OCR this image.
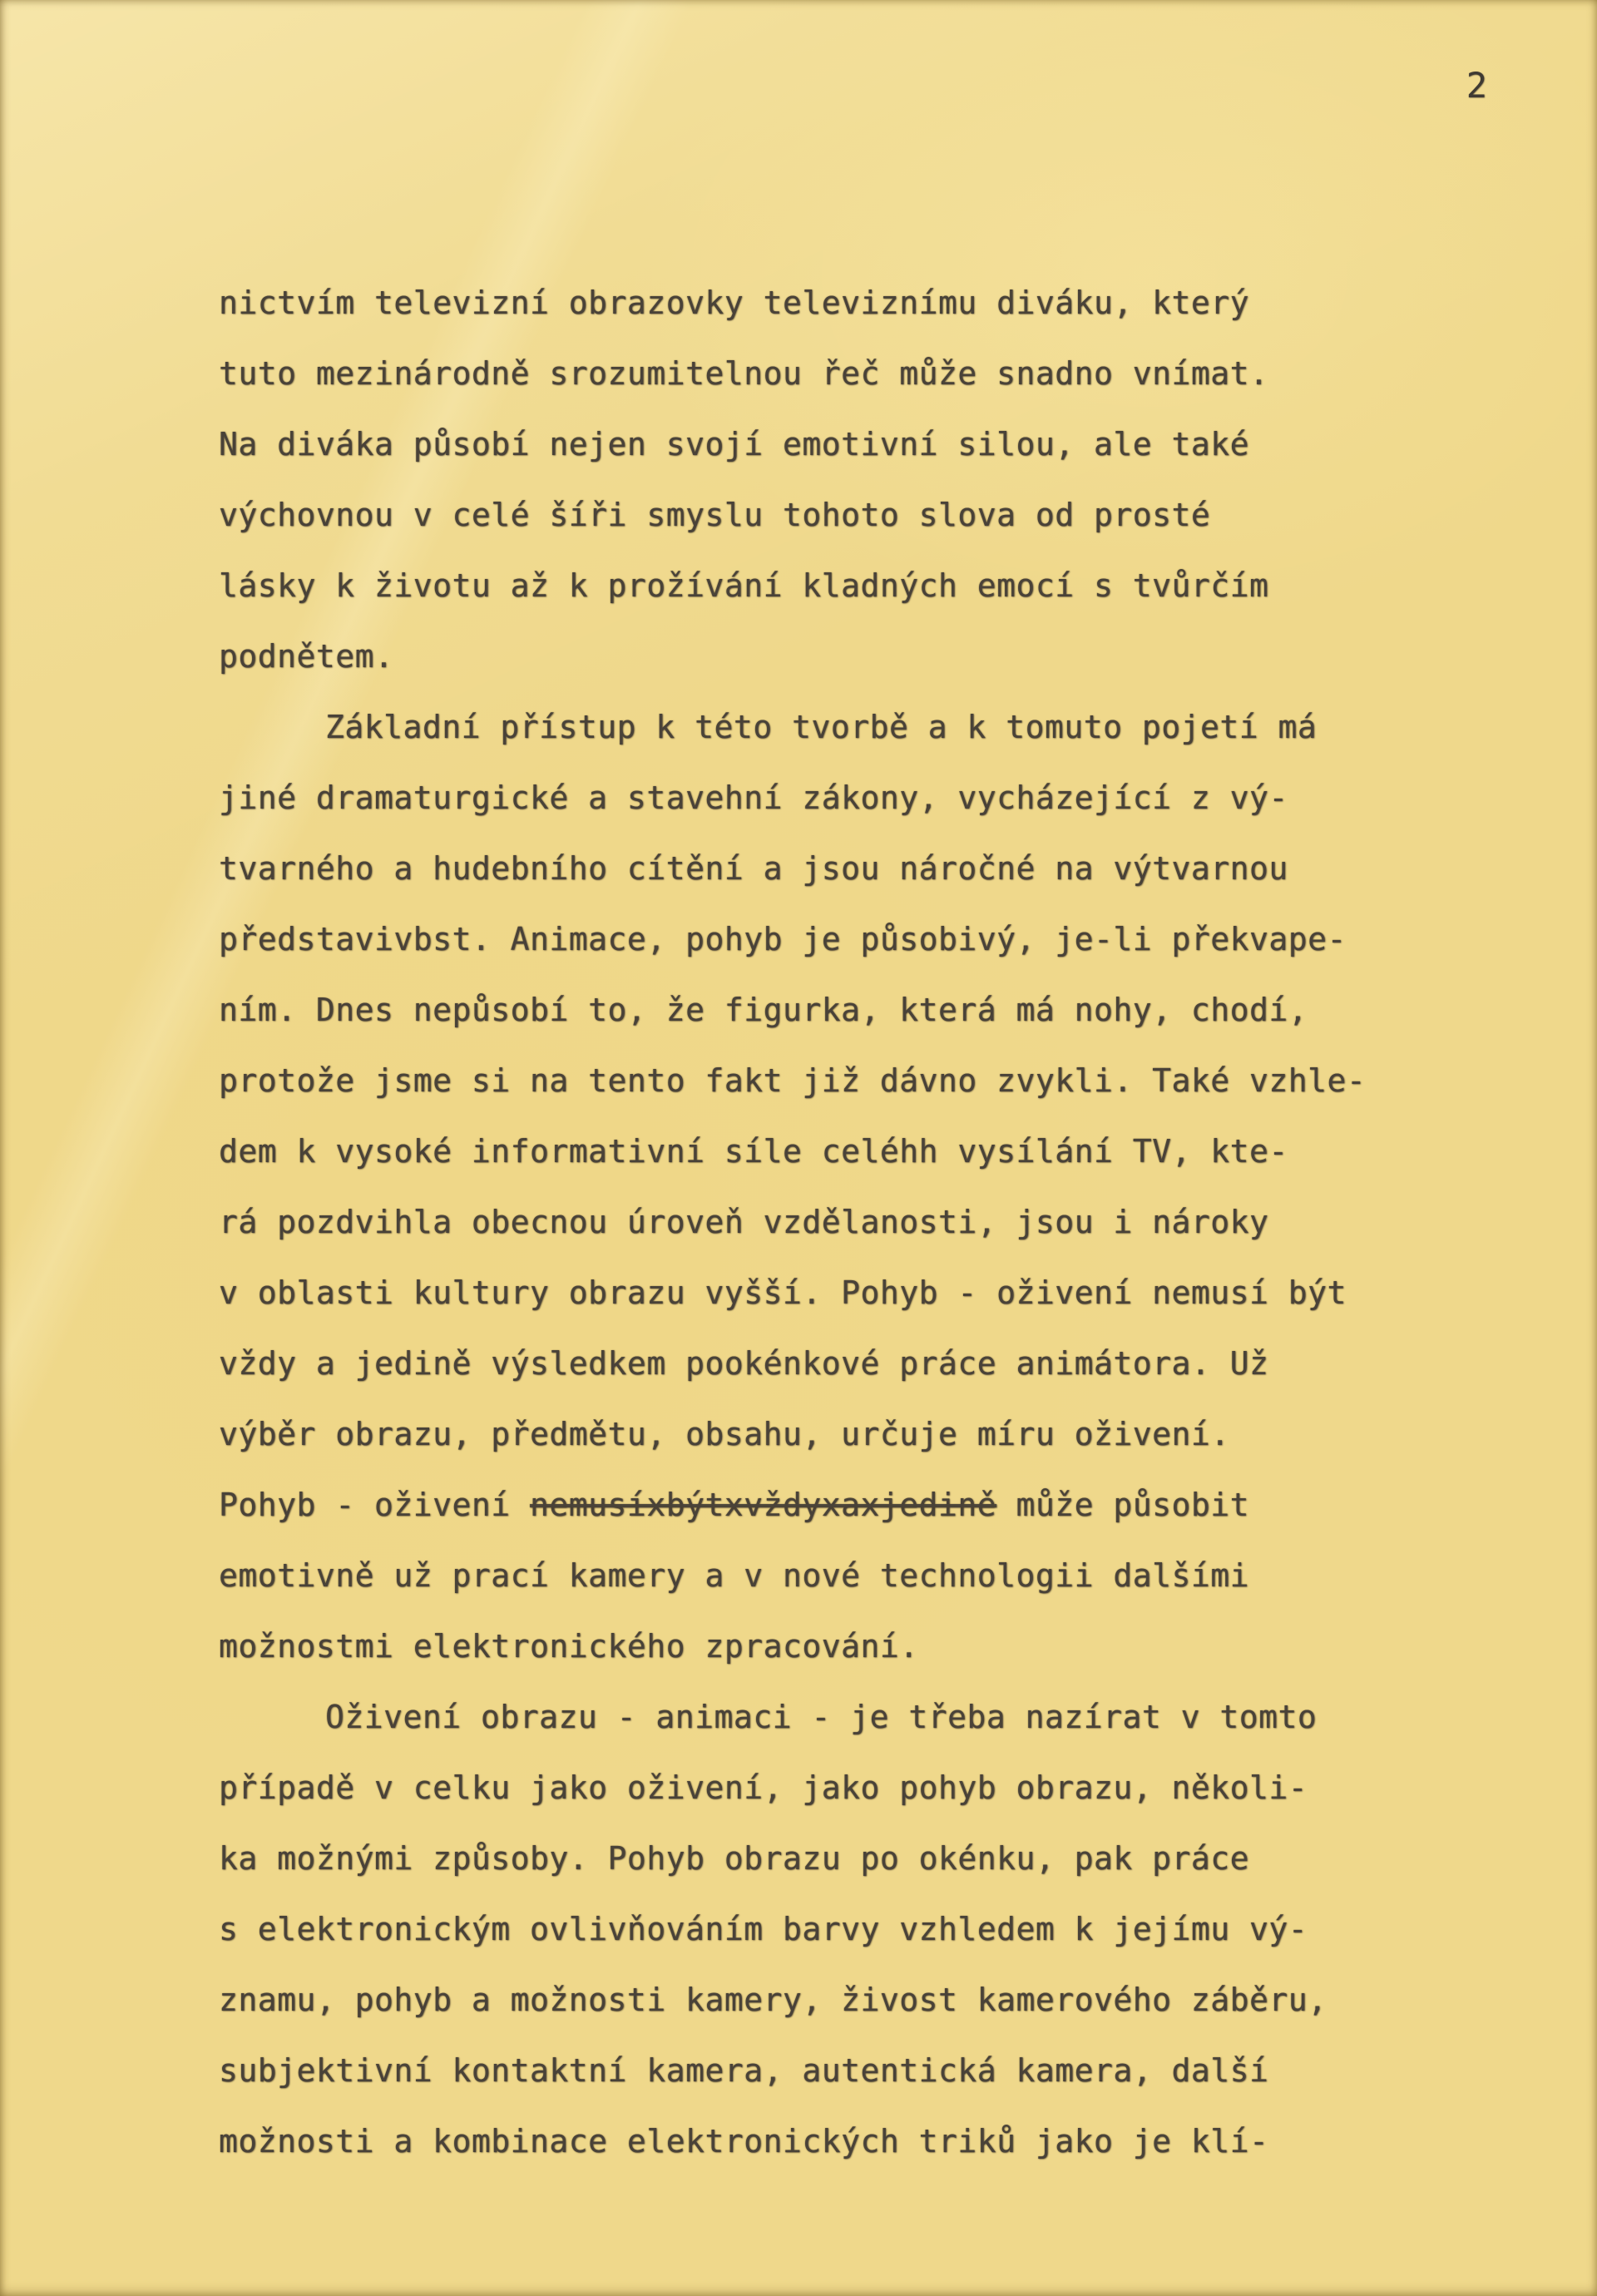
2
nictvím televizní obrazovky televiznímu diváku, který
tuto mezinárodně srozumitelnou řeč může snadno vnímat.
Na diváka působí nejen svojí emotivní silou, ale také
výchovnou v celé šíři smyslu tohoto slova od prosté
lásky k životu až k prožívání kladných emocí s tvůrčím
podnětem.
Základní přístup k této tvorbě a k tomuto pojetí má
jiné dramaturgické a stavehní zákony, vycházející z vý-
tvarného a hudebního cítění a jsou náročné na výtvarnou
představivbst. Animace, pohyb je působivý, je-li překvape-
ním. Dnes nepůsobí to, že figurka, která má nohy, chodí,
protože jsme si na tento fakt již dávno zvykli. Také vzhle-
dem k vysoké informativní síle celéhh vysílání TV, kte-
rá pozdvihla obecnou úroveň vzdělanosti, jsou i nároky
v oblasti kultury obrazu vyšší. Pohyb - oživení nemusí být
vždy a jedině výsledkem pookénkové práce animátora. Už
výběr obrazu, předmětu, obsahu, určuje míru oživení.
Pohyb - oživení nemusíxbýtxvždyxaxjedině může působit
emotivně už prací kamery a v nové technologii dalšími
možnostmi elektronického zpracování.
Oživení obrazu - animaci - je třeba nazírat v tomto
případě v celku jako oživení, jako pohyb obrazu, několi-
ka možnými způsoby. Pohyb obrazu po okénku, pak práce
s elektronickým ovlivňováním barvy vzhledem k jejímu vý-
znamu, pohyb a možnosti kamery, živost kamerového záběru,
subjektivní kontaktní kamera, autentická kamera, další
možnosti a kombinace elektronických triků jako je klí-
